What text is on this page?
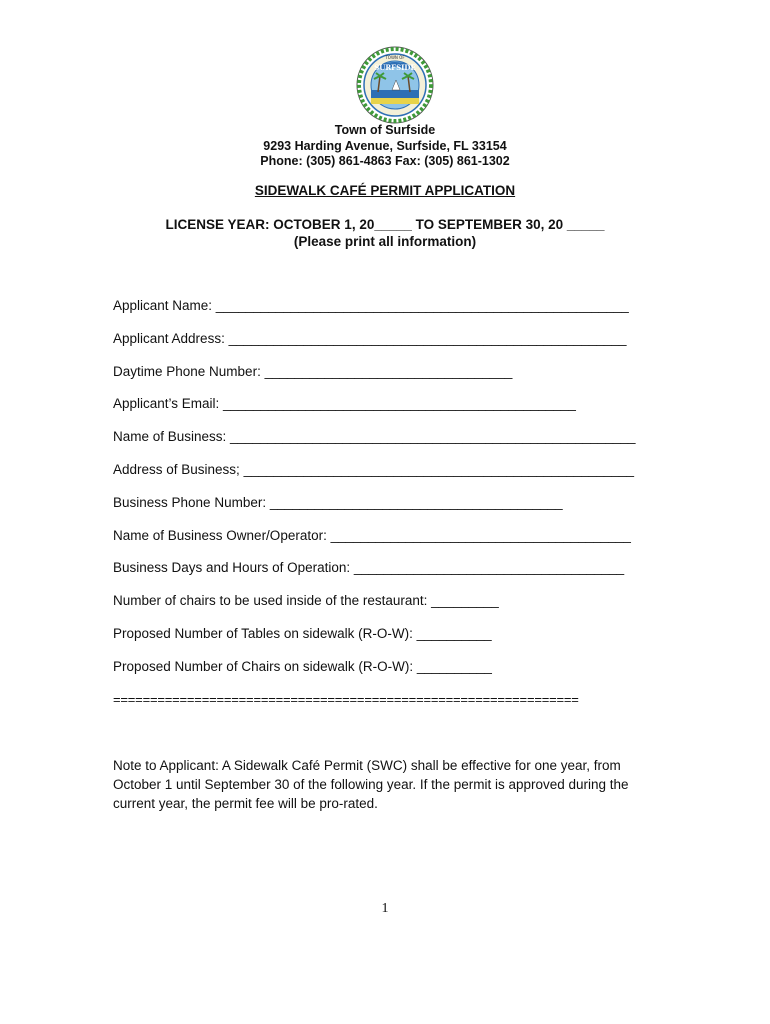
TOWN OF
SURFSIDE
Town of Surfside
9293 Harding Avenue, Surfside, FL 33154
Phone: (305) 861-4863 Fax: (305) 861-1302
SIDEWALK CAFÉ PERMIT APPLICATION
LICENSE YEAR: OCTOBER 1, 20_____ TO SEPTEMBER 30, 20 _____
(Please print all information)
Applicant Name: _______________________________________________________
Applicant Address: _____________________________________________________
Daytime Phone Number: _________________________________
Applicant’s Email: _______________________________________________
Name of Business: ______________________________________________________
Address of Business; ____________________________________________________
Business Phone Number: _______________________________________
Name of Business Owner/Operator: ________________________________________
Business Days and Hours of Operation: ____________________________________
Number of chairs to be used inside of the restaurant: _________
Proposed Number of Tables on sidewalk (R-O-W): __________
Proposed Number of Chairs on sidewalk (R-O-W): __________
===============================================================
Note to Applicant: A Sidewalk Café Permit (SWC) shall be effective for one year, from October 1 until September 30 of the following year. If the permit is approved during the current year, the permit fee will be pro-rated.
1
